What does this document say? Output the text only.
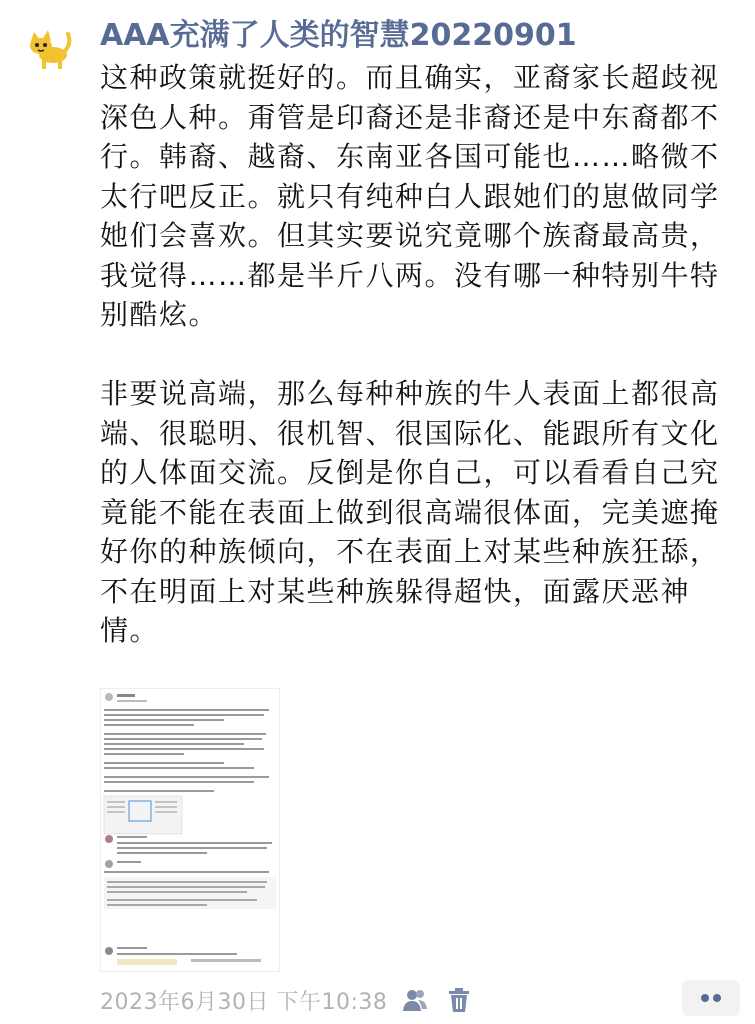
AAA充满了人类的智慧20220901

这种政策就挺好的。而且确实，亚裔家长超歧视深色人种。甭管是印裔还是非裔还是中东裔都不行。韩裔、越裔、东南亚各国可能也……略微不太行吧反正。就只有纯种白人跟她们的崽做同学她们会喜欢。但其实要说究竟哪个族裔最高贵，我觉得……都是半斤八两。没有哪一种特别牛特别酷炫。

非要说高端，那么每种种族的牛人表面上都很高端、很聪明、很机智、很国际化、能跟所有文化的人体面交流。反倒是你自己，可以看看自己究竟能不能在表面上做到很高端很体面，完美遮掩好你的种族倾向，不在表面上对某些种族狂舔，不在明面上对某些种族躲得超快，面露厌恶神情。

2023年6月30日 下午10:38
